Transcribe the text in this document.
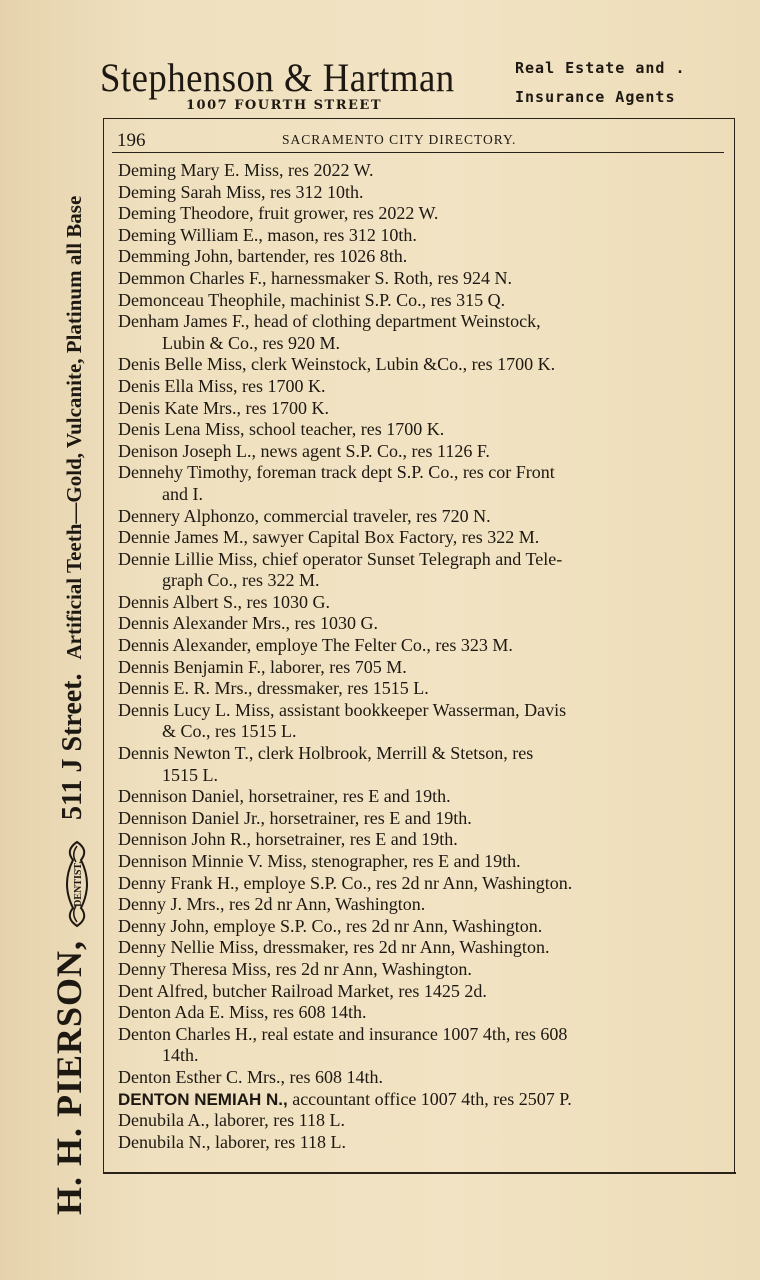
Stephenson & Hartman
1007 FOURTH STREET
Real Estate and .
Insurance Agents
196	SACRAMENTO CITY DIRECTORY.
Deming Mary E. Miss, res 2022 W.
Deming Sarah Miss, res 312 10th.
Deming Theodore, fruit grower, res 2022 W.
Deming William E., mason, res 312 10th.
Demming John, bartender, res 1026 8th.
Demmon Charles F., harnessmaker S. Roth, res 924 N.
Demonceau Theophile, machinist S.P. Co., res 315 Q.
Denham James F., head of clothing department Weinstock,
Lubin & Co., res 920 M.
Denis Belle Miss, clerk Weinstock, Lubin &Co., res 1700 K.
Denis Ella Miss, res 1700 K.
Denis Kate Mrs., res 1700 K.
Denis Lena Miss, school teacher, res 1700 K.
Denison Joseph L., news agent S.P. Co., res 1126 F.
Dennehy Timothy, foreman track dept S.P. Co., res cor Front
and I.
Dennery Alphonzo, commercial traveler, res 720 N.
Dennie James M., sawyer Capital Box Factory, res 322 M.
Dennie Lillie Miss, chief operator Sunset Telegraph and Tele-
graph Co., res 322 M.
Dennis Albert S., res 1030 G.
Dennis Alexander Mrs., res 1030 G.
Dennis Alexander, employe The Felter Co., res 323 M.
Dennis Benjamin F., laborer, res 705 M.
Dennis E. R. Mrs., dressmaker, res 1515 L.
Dennis Lucy L. Miss, assistant bookkeeper Wasserman, Davis
& Co., res 1515 L.
Dennis Newton T., clerk Holbrook, Merrill & Stetson, res
1515 L.
Dennison Daniel, horsetrainer, res E and 19th.
Dennison Daniel Jr., horsetrainer, res E and 19th.
Dennison John R., horsetrainer, res E and 19th.
Dennison Minnie V. Miss, stenographer, res E and 19th.
Denny Frank H., employe S.P. Co., res 2d nr Ann, Washington.
Denny J. Mrs., res 2d nr Ann, Washington.
Denny John, employe S.P. Co., res 2d nr Ann, Washington.
Denny Nellie Miss, dressmaker, res 2d nr Ann, Washington.
Denny Theresa Miss, res 2d nr Ann, Washington.
Dent Alfred, butcher Railroad Market, res 1425 2d.
Denton Ada E. Miss, res 608 14th.
Denton Charles H., real estate and insurance 1007 4th, res 608
14th.
Denton Esther C. Mrs., res 608 14th.
DENTON NEMIAH N., accountant office 1007 4th, res 2507 P.
Denubila A., laborer, res 118 L.
Denubila N., laborer, res 118 L.
H. H. PIERSON,
DENTIST.
511 J Street. Artificial Teeth—Gold, Vulcanite, Platinum all Base
